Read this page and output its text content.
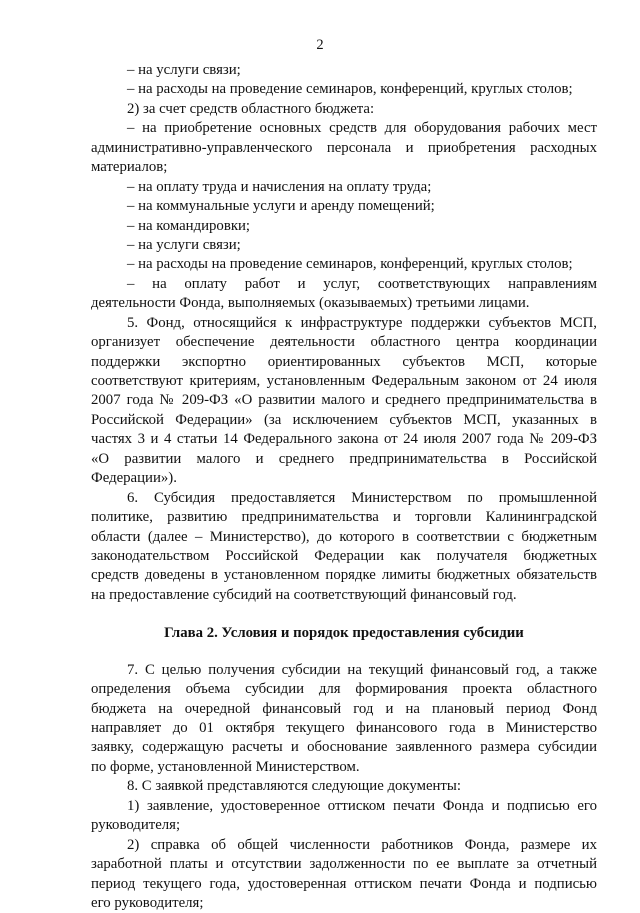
2
– на услуги связи;
– на расходы на проведение семинаров, конференций, круглых столов;
2) за счет средств областного бюджета:
– на приобретение основных средств для оборудования рабочих мест
административно-управленческого персонала и приобретения расходных
материалов;
– на оплату труда и начисления на оплату труда;
– на коммунальные услуги и аренду помещений;
– на командировки;
– на услуги связи;
– на расходы на проведение семинаров, конференций, круглых столов;
– на оплату работ и услуг, соответствующих направлениям
деятельности Фонда, выполняемых (оказываемых) третьими лицами.
5. Фонд, относящийся к инфраструктуре поддержки субъектов МСП,
организует обеспечение деятельности областного центра координации
поддержки экспортно ориентированных субъектов МСП, которые
соответствуют критериям, установленным Федеральным законом от 24 июля
2007 года № 209-ФЗ «О развитии малого и среднего предпринимательства в
Российской Федерации» (за исключением субъектов МСП, указанных в
частях 3 и 4 статьи 14 Федерального закона от 24 июля 2007 года № 209-ФЗ
«О развитии малого и среднего предпринимательства в Российской
Федерации»).
6. Субсидия предоставляется Министерством по промышленной
политике, развитию предпринимательства и торговли Калининградской
области (далее – Министерство), до которого в соответствии с бюджетным
законодательством Российской Федерации как получателя бюджетных
средств доведены в установленном порядке лимиты бюджетных обязательств
на предоставление субсидий на соответствующий финансовый год.
Глава 2. Условия и порядок предоставления субсидии
7. С целью получения субсидии на текущий финансовый год, а также
определения объема субсидии для формирования проекта областного
бюджета на очередной финансовый год и на плановый период Фонд
направляет до 01 октября текущего финансового года в Министерство
заявку, содержащую расчеты и обоснование заявленного размера субсидии
по форме, установленной Министерством.
8. С заявкой представляются следующие документы:
1) заявление, удостоверенное оттиском печати Фонда и подписью его
руководителя;
2) справка об общей численности работников Фонда, размере их
заработной платы и отсутствии задолженности по ее выплате за отчетный
период текущего года, удостоверенная оттиском печати Фонда и подписью
его руководителя;
